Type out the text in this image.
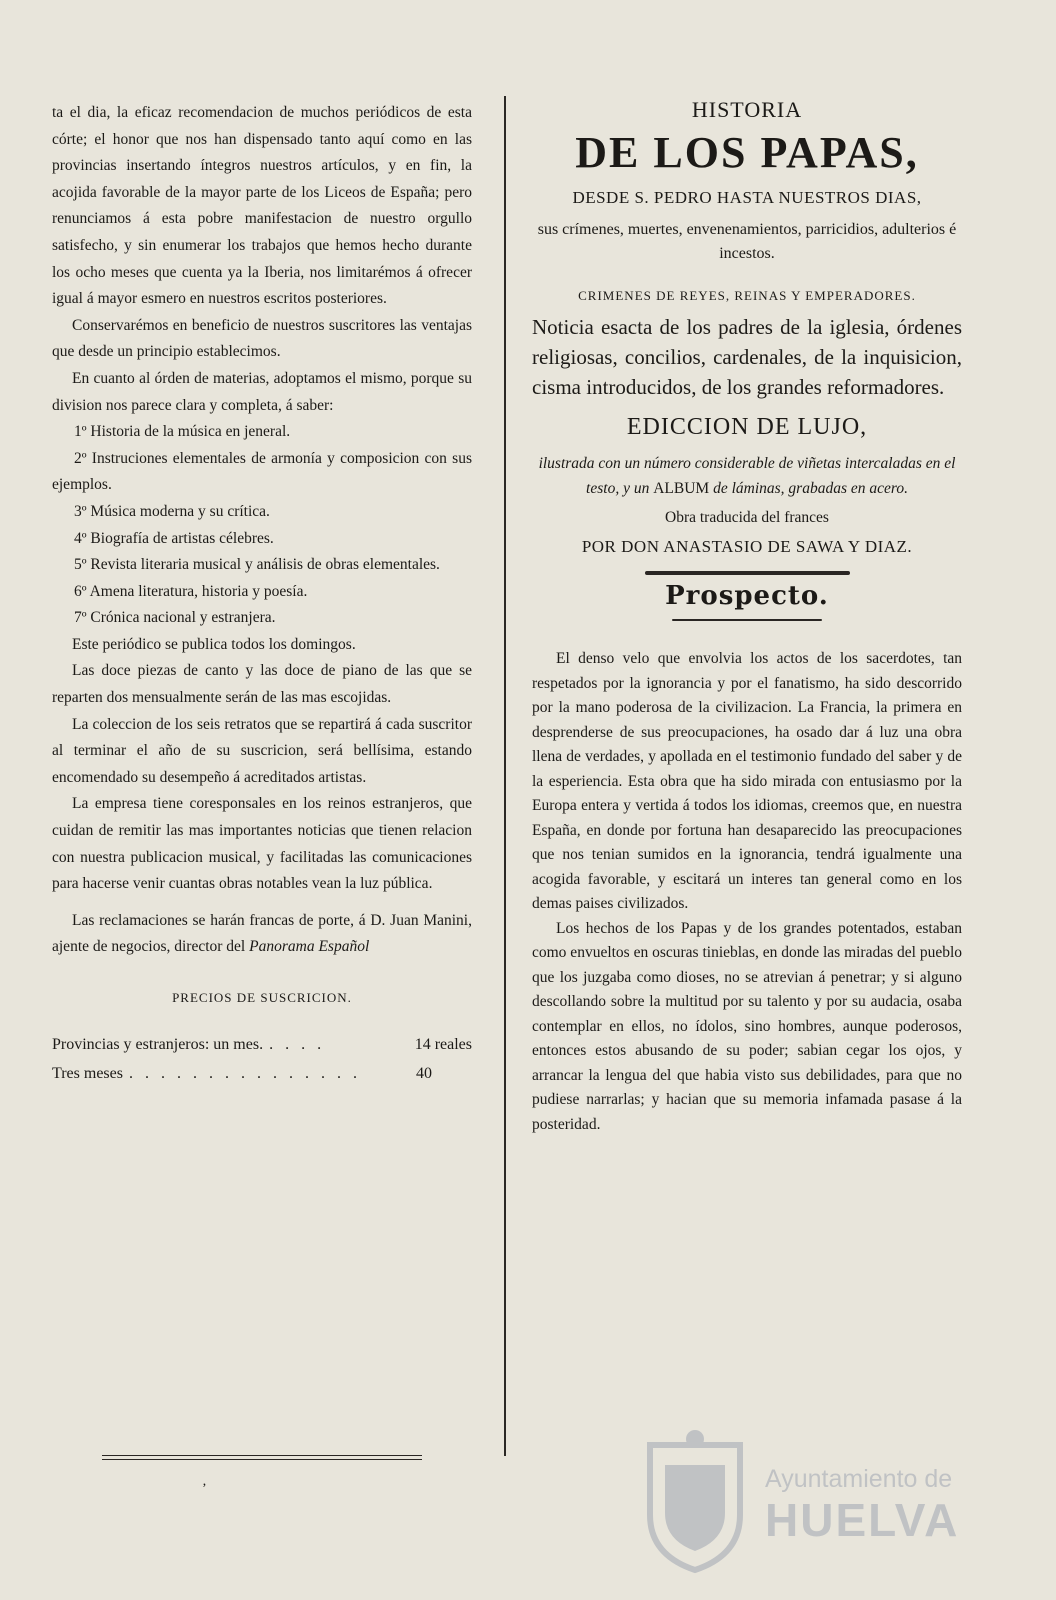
ta el dia, la eficaz recomendacion de muchos periódicos de esta córte; el honor que nos han dispensado tanto aquí como en las provincias insertando íntegros nuestros artículos, y en fin, la acojida favorable de la mayor parte de los Liceos de España; pero renunciamos á esta pobre manifestacion de nuestro orgullo satisfecho, y sin enumerar los trabajos que hemos hecho durante los ocho meses que cuenta ya la Iberia, nos limitarémos á ofrecer igual á mayor esmero en nuestros escritos posteriores.

Conservarémos en beneficio de nuestros suscritores las ventajas que desde un principio establecimos.

En cuanto al órden de materias, adoptamos el mismo, porque su division nos parece clara y completa, á saber:

1º Historia de la música en jeneral.

2º Instruciones elementales de armonía y composicion con sus ejemplos.

3º Música moderna y su crítica.

4º Biografía de artistas célebres.

5º Revista literaria musical y análisis de obras elementales.

6º Amena literatura, historia y poesía.

7º Crónica nacional y estranjera.

Este periódico se publica todos los domingos.

Las doce piezas de canto y las doce de piano de las que se reparten dos mensualmente serán de las mas escojidas.

La coleccion de los seis retratos que se repartirá á cada suscritor al terminar el año de su suscricion, será bellísima, estando encomendado su desempeño á acreditados artistas.

La empresa tiene coresponsales en los reinos estranjeros, que cuidan de remitir las mas importantes noticias que tienen relacion con nuestra publicacion musical, y facilitadas las comunicaciones para hacerse venir cuantas obras notables vean la luz pública.

Las reclamaciones se harán francas de porte, á D. Juan Manini, ajente de negocios, director del Panorama Español

PRECIOS DE SUSCRICION.
Provincias y estranjeros: un mes. . . . .	14 reales
Tres meses . . . . . . . . . . . . . . .	40
‚

HISTORIA

DE LOS PAPAS,

DESDE S. PEDRO HASTA NUESTROS DIAS,

sus crímenes, muertes, envenenamientos, parricidios, adulterios é incestos.

CRIMENES DE REYES, REINAS Y EMPERADORES.

Noticia esacta de los padres de la iglesia, órdenes religiosas, concilios, cardenales, de la inquisicion, cisma introducidos, de los grandes reformadores.

EDICCION DE LUJO,

ilustrada con un número considerable de viñetas intercaladas en el testo, y un ALBUM de láminas, grabadas en acero.

Obra traducida del frances

POR DON ANASTASIO DE SAWA Y DIAZ.

Prospecto.

El denso velo que envolvia los actos de los sacerdotes, tan respetados por la ignorancia y por el fanatismo, ha sido descorrido por la mano poderosa de la civilizacion. La Francia, la primera en desprenderse de sus preocupaciones, ha osado dar á luz una obra llena de verdades, y apollada en el testimonio fundado del saber y de la esperiencia. Esta obra que ha sido mirada con entusiasmo por la Europa entera y vertida á todos los idiomas, creemos que, en nuestra España, en donde por fortuna han desaparecido las preocupaciones que nos tenian sumidos en la ignorancia, tendrá igualmente una acogida favorable, y escitará un interes tan general como en los demas paises civilizados.

Los hechos de los Papas y de los grandes potentados, estaban como envueltos en oscuras tinieblas, en donde las miradas del pueblo que los juzgaba como dioses, no se atrevian á penetrar; y si alguno descollando sobre la multitud por su talento y por su audacia, osaba contemplar en ellos, no ídolos, sino hombres, aunque poderosos, entonces estos abusando de su poder; sabian cegar los ojos, y arrancar la lengua del que habia visto sus debilidades, para que no pudiese narrarlas; y hacian que su memoria infamada pasase á la posteridad.

Ayuntamiento de
HUELVA
